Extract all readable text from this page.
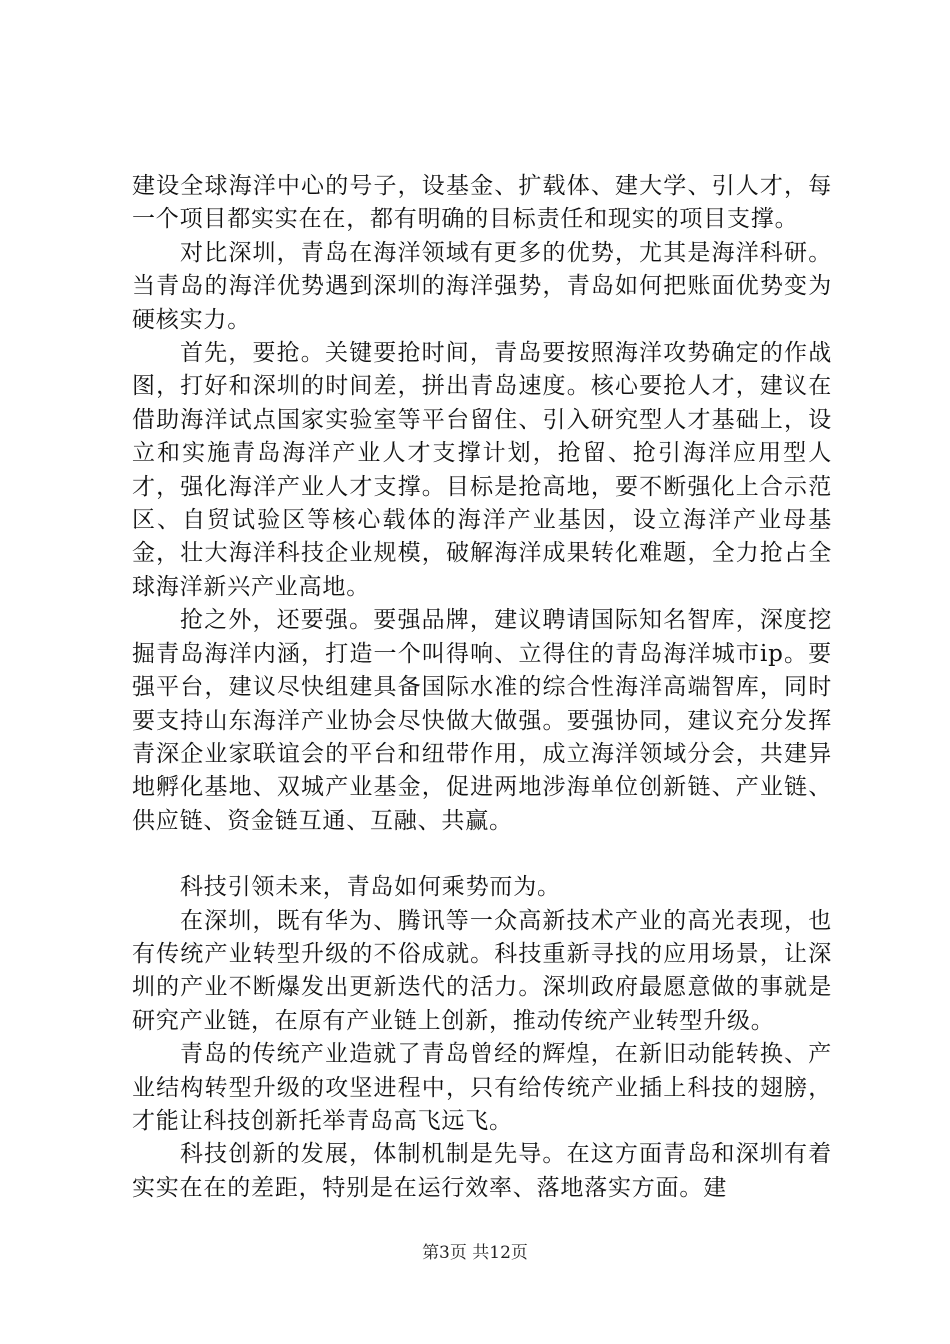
建设全球海洋中心的号子，设基金、扩载体、建大学、引人才，每一个项目都实实在在，都有明确的目标责任和现实的项目支撑。

对比深圳，青岛在海洋领域有更多的优势，尤其是海洋科研。当青岛的海洋优势遇到深圳的海洋强势，青岛如何把账面优势变为硬核实力。

首先，要抢。关键要抢时间，青岛要按照海洋攻势确定的作战图，打好和深圳的时间差，拼出青岛速度。核心要抢人才，建议在借助海洋试点国家实验室等平台留住、引入研究型人才基础上，设立和实施青岛海洋产业人才支撑计划，抢留、抢引海洋应用型人才，强化海洋产业人才支撑。目标是抢高地，要不断强化上合示范区、自贸试验区等核心载体的海洋产业基因，设立海洋产业母基金，壮大海洋科技企业规模，破解海洋成果转化难题，全力抢占全球海洋新兴产业高地。

抢之外，还要强。要强品牌，建议聘请国际知名智库，深度挖掘青岛海洋内涵，打造一个叫得响、立得住的青岛海洋城市ip。要强平台，建议尽快组建具备国际水准的综合性海洋高端智库，同时要支持山东海洋产业协会尽快做大做强。要强协同，建议充分发挥青深企业家联谊会的平台和纽带作用，成立海洋领域分会，共建异地孵化基地、双城产业基金，促进两地涉海单位创新链、产业链、供应链、资金链互通、互融、共赢。

科技引领未来，青岛如何乘势而为。

在深圳，既有华为、腾讯等一众高新技术产业的高光表现，也有传统产业转型升级的不俗成就。科技重新寻找的应用场景，让深圳的产业不断爆发出更新迭代的活力。深圳政府最愿意做的事就是研究产业链，在原有产业链上创新，推动传统产业转型升级。

青岛的传统产业造就了青岛曾经的辉煌，在新旧动能转换、产业结构转型升级的攻坚进程中，只有给传统产业插上科技的翅膀，才能让科技创新托举青岛高飞远飞。

科技创新的发展，体制机制是先导。在这方面青岛和深圳有着实实在在的差距，特别是在运行效率、落地落实方面。建

第3页 共12页
